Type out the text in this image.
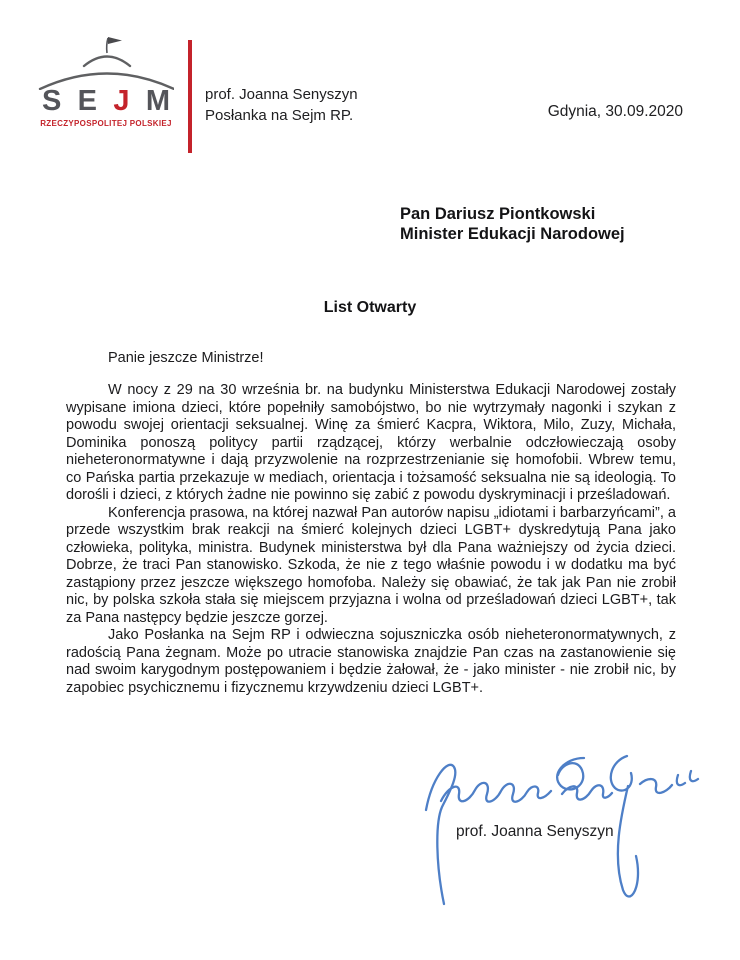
S E J M
RZECZYPOSPOLITEJ POLSKIEJ
prof. Joanna Senyszyn
Posłanka na Sejm RP.	Gdynia, 30.09.2020
Pan Dariusz Piontkowski
Minister Edukacji Narodowej
List Otwarty
Panie jeszcze Ministrze!

W nocy z 29 na 30 września br. na budynku Ministerstwa Edukacji Narodowej zostały wypisane imiona dzieci, które popełniły samobójstwo, bo nie wytrzymały nagonki i szykan z powodu swojej orientacji seksualnej. Winę za śmierć Kacpra, Wiktora, Milo, Zuzy, Michała, Dominika ponoszą politycy partii rządzącej, którzy werbalnie odczłowieczają osoby nieheteronormatywne i dają przyzwolenie na rozprzestrzenianie się homofobii. Wbrew temu, co Pańska partia przekazuje w mediach, orientacja i tożsamość seksualna nie są ideologią. To dorośli i dzieci, z których żadne nie powinno się zabić z powodu dyskryminacji i prześladowań.

Konferencja prasowa, na której nazwał Pan autorów napisu „idiotami i barbarzyńcami”, a przede wszystkim brak reakcji na śmierć kolejnych dzieci LGBT+ dyskredytują Pana jako człowieka, polityka, ministra. Budynek ministerstwa był dla Pana ważniejszy od życia dzieci. Dobrze, że traci Pan stanowisko. Szkoda, że nie z tego właśnie powodu i w dodatku ma być zastąpiony przez jeszcze większego homofoba. Należy się obawiać, że tak jak Pan nie zrobił nic, by polska szkoła stała się miejscem przyjazna i wolna od prześladowań dzieci LGBT+, tak za Pana następcy będzie jeszcze gorzej.

Jako Posłanka na Sejm RP i odwieczna sojuszniczka osób nieheteronormatywnych, z radością Pana żegnam. Może po utracie stanowiska znajdzie Pan czas na zastanowienie się nad swoim karygodnym postępowaniem i będzie żałował, że - jako minister - nie zrobił nic, by zapobiec psychicznemu i fizycznemu krzywdzeniu dzieci LGBT+.

prof. Joanna Senyszyn
